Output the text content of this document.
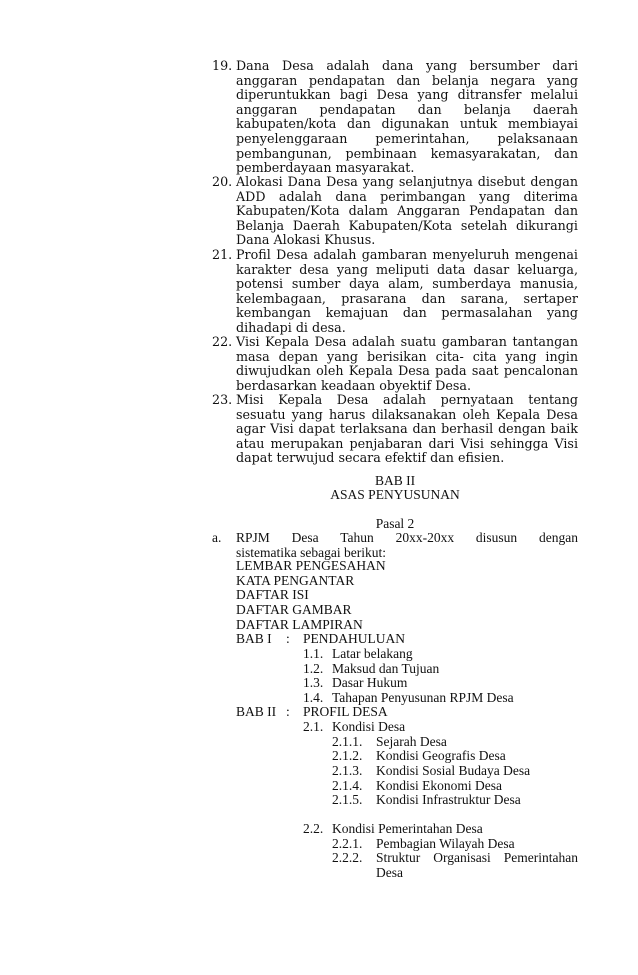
19. Dana Desa adalah dana yang bersumber dari anggaran pendapatan dan belanja negara yang diperuntukkan bagi Desa yang ditransfer melalui anggaran pendapatan dan belanja daerah kabupaten/kota dan digunakan untuk membiayai penyelenggaraan pemerintahan, pelaksanaan pembangunan, pembinaan kemasyarakatan, dan pemberdayaan masyarakat.
20. Alokasi Dana Desa yang selanjutnya disebut dengan ADD adalah dana perimbangan yang diterima Kabupaten/Kota dalam Anggaran Pendapatan dan Belanja Daerah Kabupaten/Kota setelah dikurangi Dana Alokasi Khusus.
21. Profil Desa adalah gambaran menyeluruh mengenai karakter desa yang meliputi data dasar keluarga, potensi sumber daya alam, sumberdaya manusia, kelembagaan, prasarana dan sarana, sertaper kembangan kemajuan dan permasalahan yang dihadapi di desa.
22. Visi Kepala Desa adalah suatu gambaran tantangan masa depan yang berisikan cita- cita yang ingin diwujudkan oleh Kepala Desa pada saat pencalonan berdasarkan keadaan obyektif Desa.
23. Misi Kepala Desa adalah pernyataan tentang sesuatu yang harus dilaksanakan oleh Kepala Desa agar Visi dapat terlaksana dan berhasil dengan baik atau merupakan penjabaran dari Visi sehingga Visi dapat terwujud secara efektif dan efisien.
BAB II
ASAS PENYUSUNAN
Pasal 2
a.	RPJM Desa Tahun 20xx-20xx disusun dengan
sistematika sebagai berikut:
LEMBAR PENGESAHAN
KATA PENGANTAR
DAFTAR ISI
DAFTAR GAMBAR
DAFTAR LAMPIRAN
BAB I : PENDAHULUAN
1.1. Latar belakang
1.2. Maksud dan Tujuan
1.3. Dasar Hukum
1.4. Tahapan Penyusunan RPJM Desa
BAB II : PROFIL DESA
2.1. Kondisi Desa
2.1.1.	Sejarah Desa
2.1.2.	Kondisi Geografis Desa
2.1.3.	Kondisi Sosial Budaya Desa
2.1.4.	Kondisi Ekonomi Desa
2.1.5.	Kondisi Infrastruktur Desa
2.2. Kondisi Pemerintahan Desa
2.2.1.	Pembagian Wilayah Desa
2.2.2.	Struktur Organisasi Pemerintahan Desa
